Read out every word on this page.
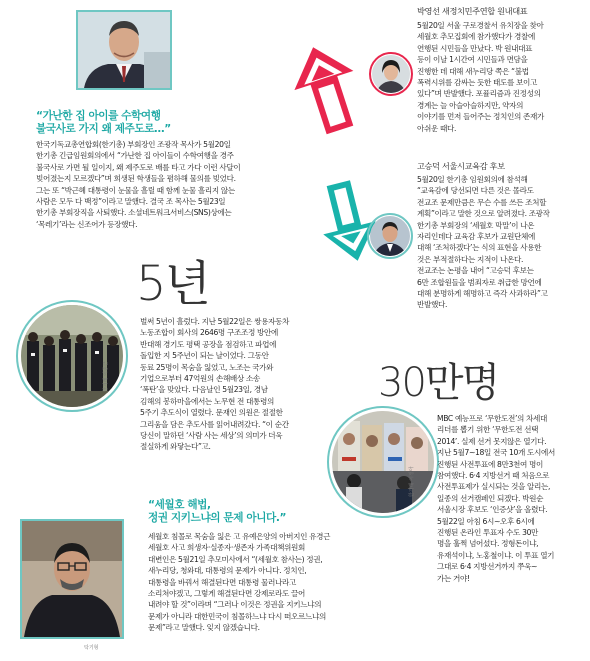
“가난한 집 아이를 수학여행
불국사로 가지 왜 제주도로…”
한국기독교총연합회(한기총) 부회장인 조광작 목사가 5월20일
한기총 긴급임원회의에서 “가난한 집 아이들이 수학여행을 경주
불국사로 가면 될 일이지, 왜 제주도로 배를 타고 가다 이런 사달이
빚어졌는지 모르겠다”며 희생된 학생들을 폄하해 물의를 빚었다.
그는 또 “박근혜 대통령이 눈물을 흘릴 때 함께 눈물 흘리지 않는
사람은 모두 다 백정”이라고 말했다. 결국 조 목사는 5월23일
한기총 부회장직을 사퇴했다. 소셜네트워크서비스(SNS)상에는
‘목레기’라는 신조어가 등장했다.
5년
한겨레 이종근
벌써 5년이 흘렀다. 지난 5월22일은 쌍용자동차
노동조합이 회사의 2646명 구조조정 방안에
반대해 경기도 평택 공장을 점검하고 파업에
돌입한 지 5주년이 되는 날이었다. 그동안
동료 25명이 목숨을 잃었고, 노조는 국가와
기업으로부터 47억원의 손해배상 소송
‘폭탄’을 맞았다. 다음날인 5월23일, 경남
김해의 봉하마을에서는 노무현 전 대통령의
5주기 추도식이 열렸다. 문재인 의원은 절절한
그리움을 담은 추도사를 읽어내려갔다. “이 순간
당신이 말하던 ‘사람 사는 세상’의 의미가 더욱
절실하게 와닿는다”고.
“세월호 해법,
정권 지키느냐의 문제 아니다.”
탁기형
세월호 침몰로 목숨을 잃은 고 유예은양의 아버지인 유경근
세월호 사고 희생자·실종자·생존자 가족대책위원회
대변인은 5월21일 추모미사에서 “(세월호 참사는) 정권,
새누리당, 청와대, 대통령의 문제가 아니다. 정치인,
대통령을 바꿔서 해결된다면 대통령 물러나라고
소리쳐야겠고, 그렇게 해결된다면 강제로라도 끌어
내려야 할 것”이라며 “그러나 이것은 정권을 지키느냐의
문제가 아니라 대한민국이 침몰하느냐 다시 떠오르느냐의
문제”라고 말했다. 잊지 않겠습니다.
박영선 새정치민주연합 원내대표
5월20일 서울 구로경찰서 유치장을 찾아
세월호 추모집회에 참가했다가 경찰에
연행된 시민들을 만났다. 박 원내대표
등이 이날 1시간여 시민들과 면담을
진행한 데 대해 새누리당 쪽은 “불법
폭력시위를 감싸는 듯한 태도를 보이고
있다”며 반발했다. 포퓰리즘과 진정성의
경계는 늘 아슬아슬하지만, 약자의
이야기를 먼저 들어주는 정치인의 존재가
아쉬운 때다.
고승덕 서울시교육감 후보
5월20일 한기총 임원회의에 참석해
“교육감에 당선되면 다른 것은 몰라도
전교조 문제만큼은 무슨 수를 쓰든 조처할
계획”이라고 말한 것으로 알려졌다. 조광작
한기총 부회장의 ‘세월호 막말’이 나온
자리인데다 교육감 후보가 교원단체에
대해 ‘조처하겠다’는 식의 표현을 사용한
것은 부적절하다는 지적이 나온다.
전교조는 논평을 내어 “고승덕 후보는
6만 조합원들을 범죄자로 취급한 망언에
대해 분명하게 해명하고 즉각 사과하라”고
반발했다.
30만명
한겨레 이정아
MBC 예능프로 ‘무한도전’의 차세대
리더를 뽑기 위한 ‘무한도전 선택
2014’. 실제 선거 못지않은 열기다.
지난 5월7~18일 전국 10개 도시에서
진행된 사전투표에 8만3천여 명이
참여했다. 6·4 지방선거 때 처음으로
사전투표제가 실시되는 것을 알리는,
일종의 선거캠페인 되겠다. 박원순
서울시장 후보도 ‘인증샷’을 올렸다.
5월22일 아침 6시~오후 6시에
진행된 온라인 투표자 수도 30만
명을 훌쩍 넘어섰다. 정형돈이냐,
유재석이냐, 노홍철이냐. 이 투표 열기
그대로 6·4 지방선거까지 쭈욱~
가는 거야!
